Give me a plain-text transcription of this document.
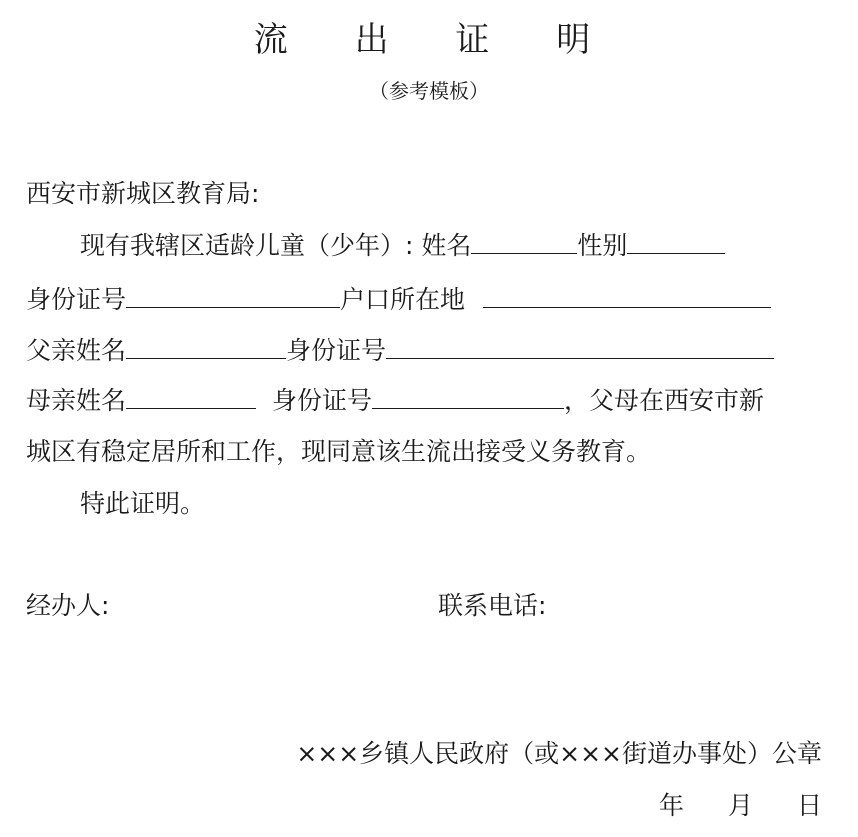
流 出 证 明
（参考模板）
西安市新城区教育局:
现有我辖区适龄儿童（少年）: 姓名	性别
身份证号	户口所在地
父亲姓名	身份证号
母亲姓名	身份证号	，父母在西安市新
城区有稳定居所和工作，现同意该生流出接受义务教育。
特此证明。
经办人:	联系电话:
×××乡镇人民政府（或×××街道办事处）公章
年 月 日
